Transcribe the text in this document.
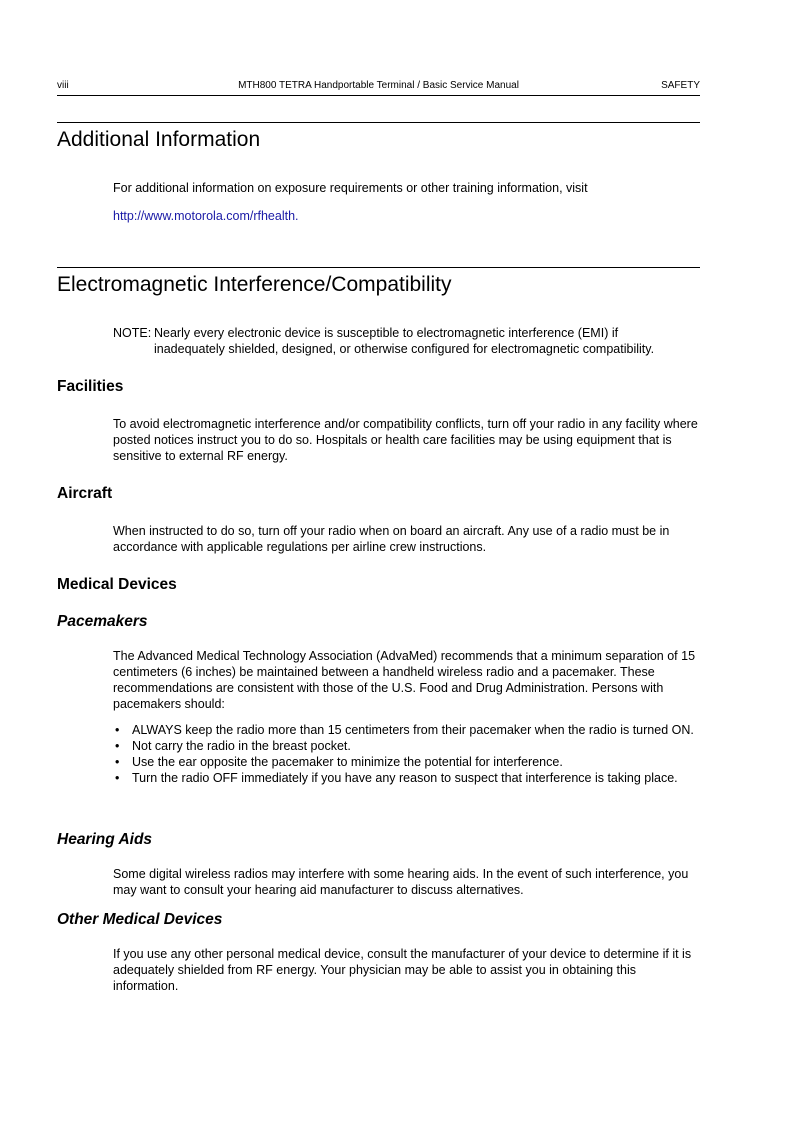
viii	MTH800 TETRA Handportable Terminal / Basic Service Manual	SAFETY
Additional Information

For additional information on exposure requirements or other training information, visit

http://www.motorola.com/rfhealth.

Electromagnetic Interference/Compatibility
NOTE: Nearly every electronic device is susceptible to electromagnetic interference (EMI) if
inadequately shielded, designed, or otherwise configured for electromagnetic compatibility.
Facilities

To avoid electromagnetic interference and/or compatibility conflicts, turn off your radio in any facility where posted notices instruct you to do so. Hospitals or health care facilities may be using equipment that is sensitive to external RF energy.

Aircraft

When instructed to do so, turn off your radio when on board an aircraft. Any use of a radio must be in accordance with applicable regulations per airline crew instructions.

Medical Devices
Pacemakers

The Advanced Medical Technology Association (AdvaMed) recommends that a minimum separation of 15 centimeters (6 inches) be maintained between a handheld wireless radio and a pacemaker. These recommendations are consistent with those of the U.S. Food and Drug Administration. Persons with pacemakers should:

• ALWAYS keep the radio more than 15 centimeters from their pacemaker when the radio is turned ON.
• Not carry the radio in the breast pocket.
• Use the ear opposite the pacemaker to minimize the potential for interference.
• Turn the radio OFF immediately if you have any reason to suspect that interference is taking place.
Hearing Aids

Some digital wireless radios may interfere with some hearing aids. In the event of such interference, you may want to consult your hearing aid manufacturer to discuss alternatives.

Other Medical Devices

If you use any other personal medical device, consult the manufacturer of your device to determine if it is adequately shielded from RF energy. Your physician may be able to assist you in obtaining this information.
